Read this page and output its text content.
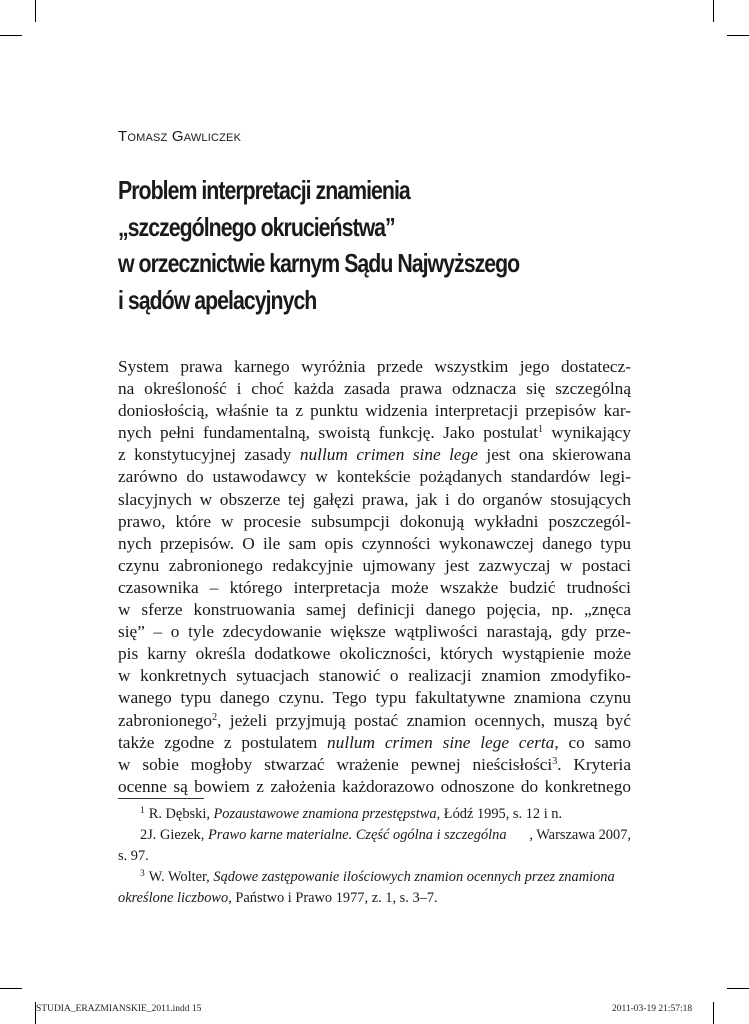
Tomasz Gawliczek
Problem interpretacji znamienia
„szczególnego okrucieństwa”
w orzecznictwie karnym Sądu Najwyższego
i sądów apelacyjnych
System prawa karnego wyróżnia przede wszystkim jego dostatecz-
na określoność i choć każda zasada prawa odznacza się szczególną
doniosłością, właśnie ta z punktu widzenia interpretacji przepisów kar-
nych pełni fundamentalną, swoistą funkcję. Jako postulat$^1$ wynikający
z konstytucyjnej zasady nullum crimen sine lege jest ona skierowana
zarówno do ustawodawcy w kontekście pożądanych standardów legi-
slacyjnych w obszerze tej gałęzi prawa, jak i do organów stosujących
prawo, które w procesie subsumpcji dokonują wykładni poszczegól-
nych przepisów. O ile sam opis czynności wykonawczej danego typu
czynu zabronionego redakcyjnie ujmowany jest zazwyczaj w postaci
czasownika – którego interpretacja może wszakże budzić trudności
w sferze konstruowania samej definicji danego pojęcia, np. „znęca
się” – o tyle zdecydowanie większe wątpliwości narastają, gdy prze-
pis karny określa dodatkowe okoliczności, których wystąpienie może
w konkretnych sytuacjach stanowić o realizacji znamion zmodyfiko-
wanego typu danego czynu. Tego typu fakultatywne znamiona czynu
zabronionego$^2$, jeżeli przyjmują postać znamion ocennych, muszą być
także zgodne z postulatem nullum crimen sine lege certa, co samo
w sobie mogłoby stwarzać wrażenie pewnej nieścisłości$^3$. Kryteria
ocenne są bowiem z założenia każdorazowo odnoszone do konkretnego
$^1$ R. Dębski, Pozaustawowe znamiona przestępstwa, Łódź 1995, s. 12 i n.
2J. Giezek, Prawo karne materialne. Część ogólna i szczególna , Warszawa 2007,
s. 97.
$^3$ W. Wolter, Sądowe zastępowanie ilościowych znamion ocennych przez znamiona
określone liczbowo, Państwo i Prawo 1977, z. 1, s. 3–7.
STUDIA_ERAZMIANSKIE_2011.indd 15	2011-03-19 21:57:18
